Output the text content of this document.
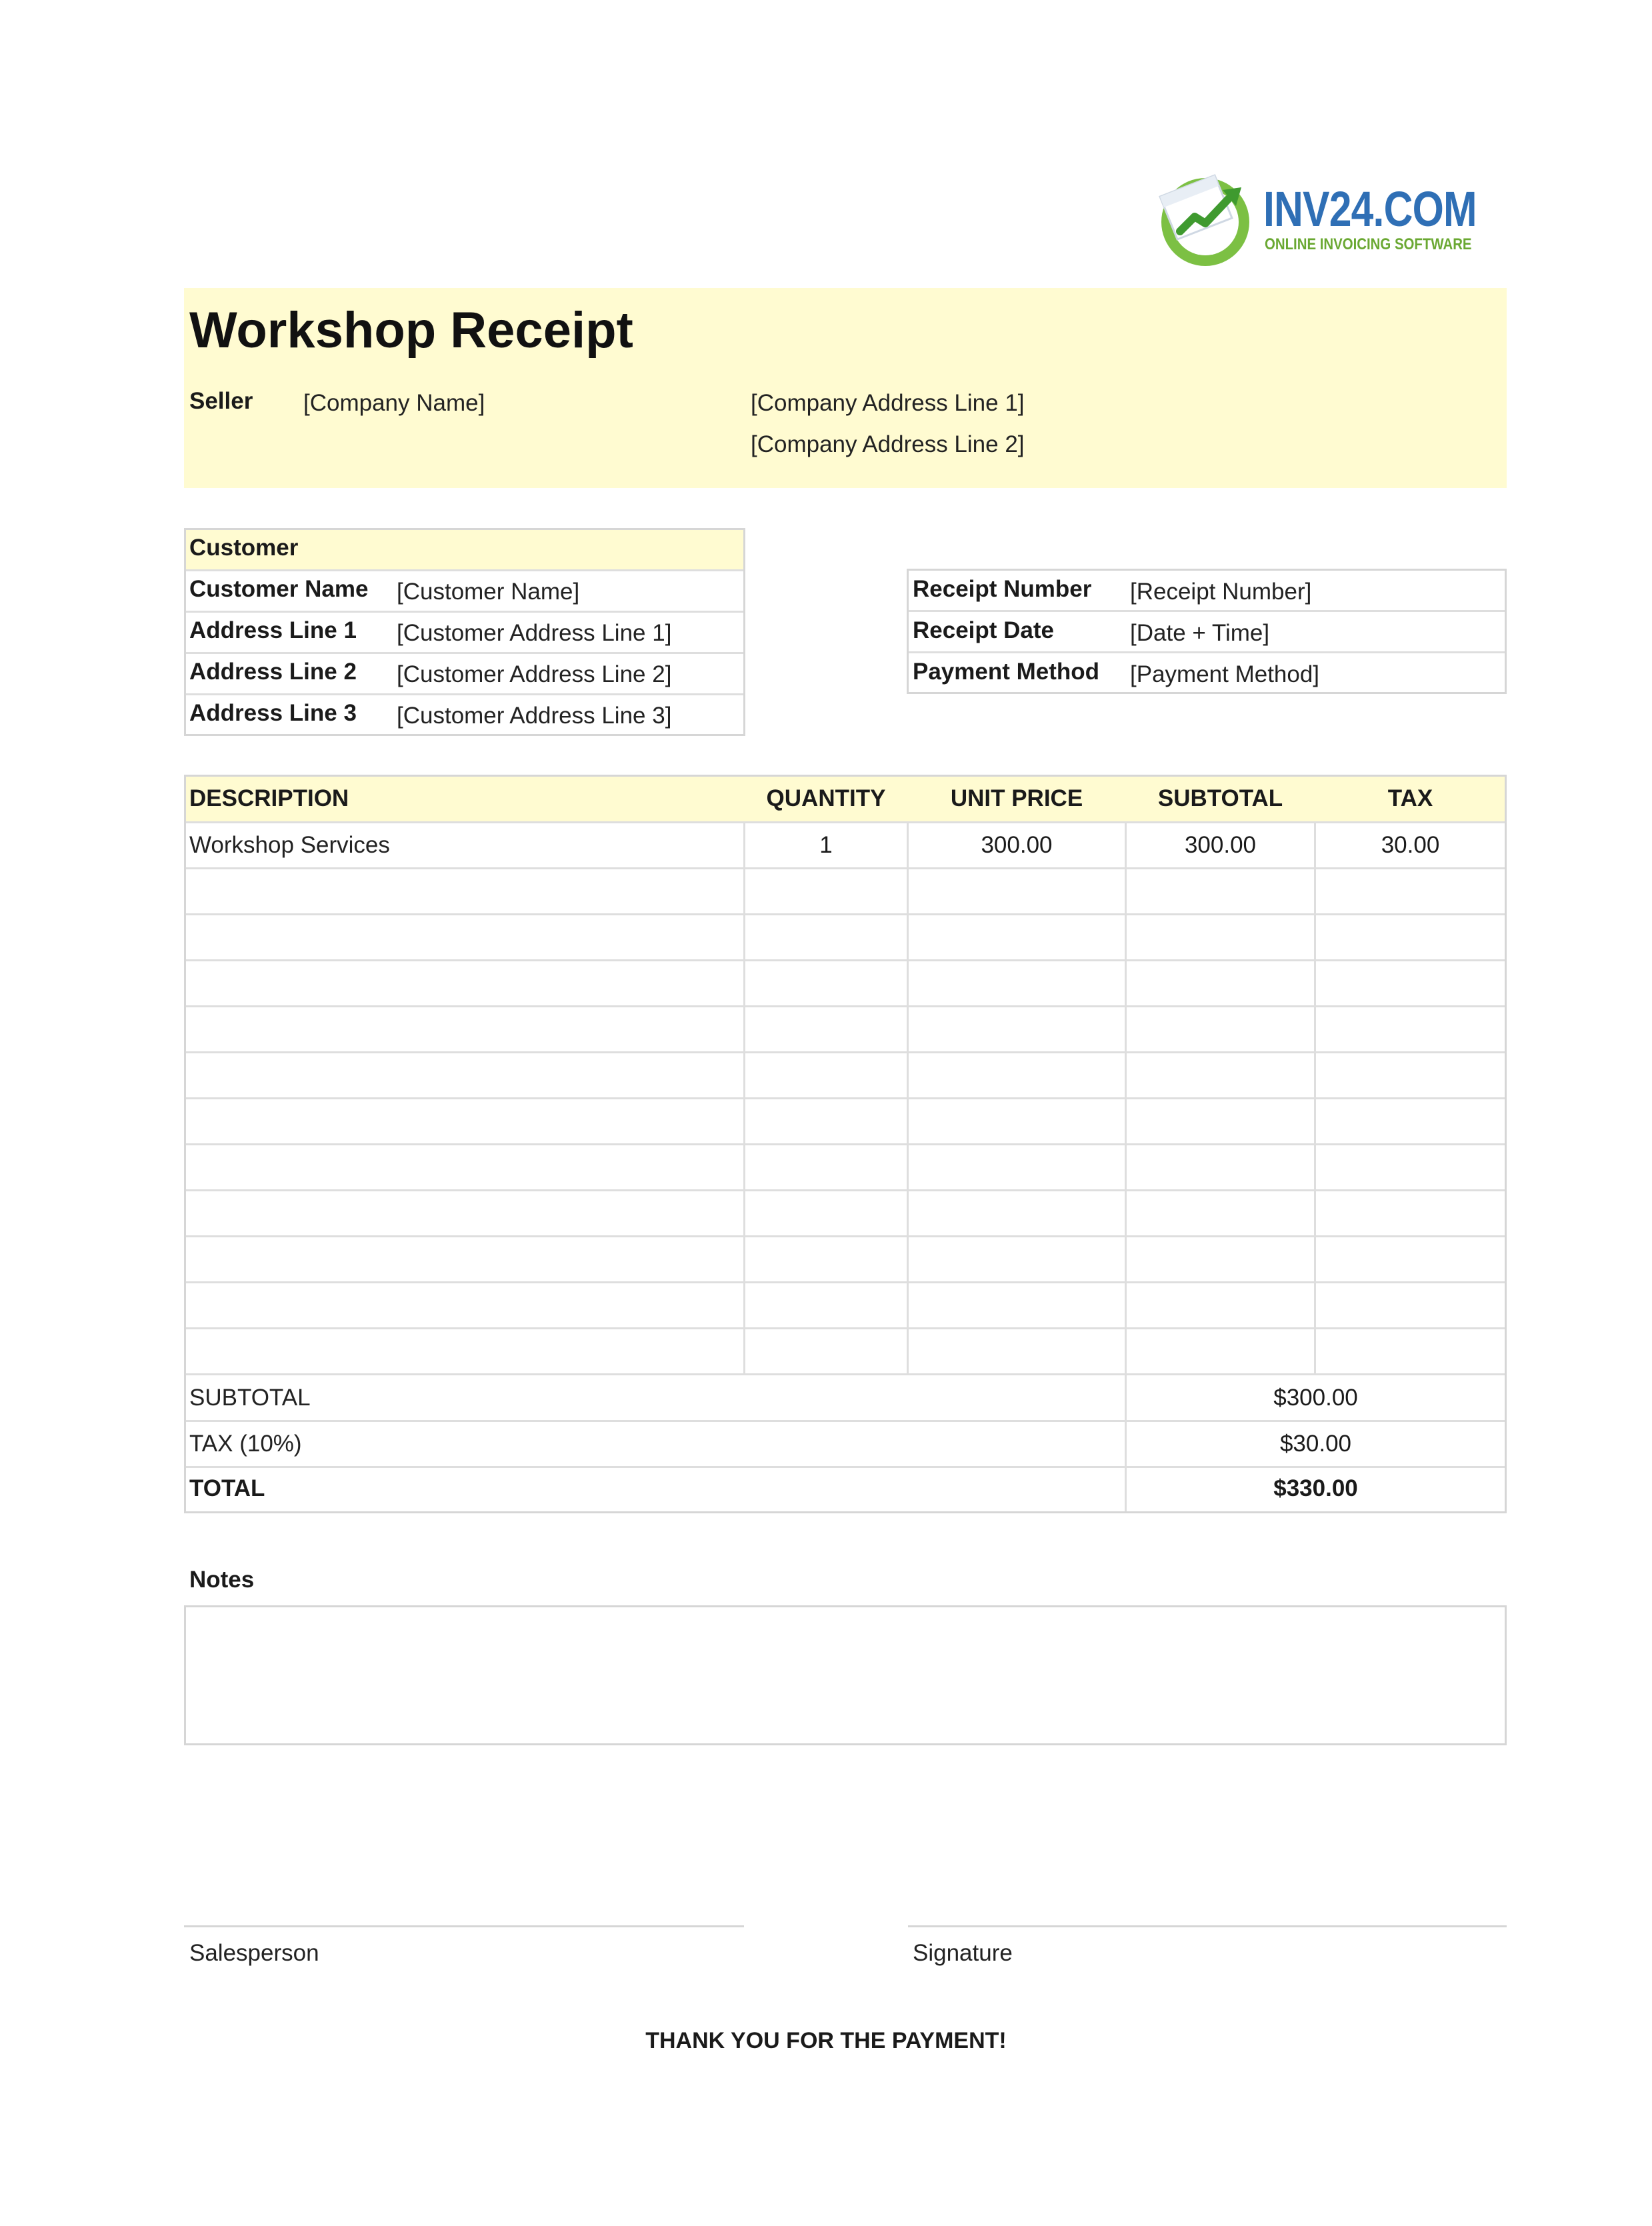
INV24.COM
ONLINE INVOICING SOFTWARE
Workshop Receipt
Seller [Company Name]	[Company Address Line 1]
[Company Address Line 2]
Customer
Customer Name [Customer Name]
Address Line 1 [Customer Address Line 1]
Address Line 2 [Customer Address Line 2]
Address Line 3 [Customer Address Line 3]
Receipt Number [Receipt Number]
Receipt Date	[Date + Time]
Payment Method [Payment Method]
DESCRIPTION	QUANTITY	UNIT PRICE	SUBTOTAL	TAX
Workshop Services	1	300.00	300.00	30.00
SUBTOTAL	$300.00
TAX (10%)	$30.00
TOTAL	$330.00
Notes
Salesperson	Signature
THANK YOU FOR THE PAYMENT!
